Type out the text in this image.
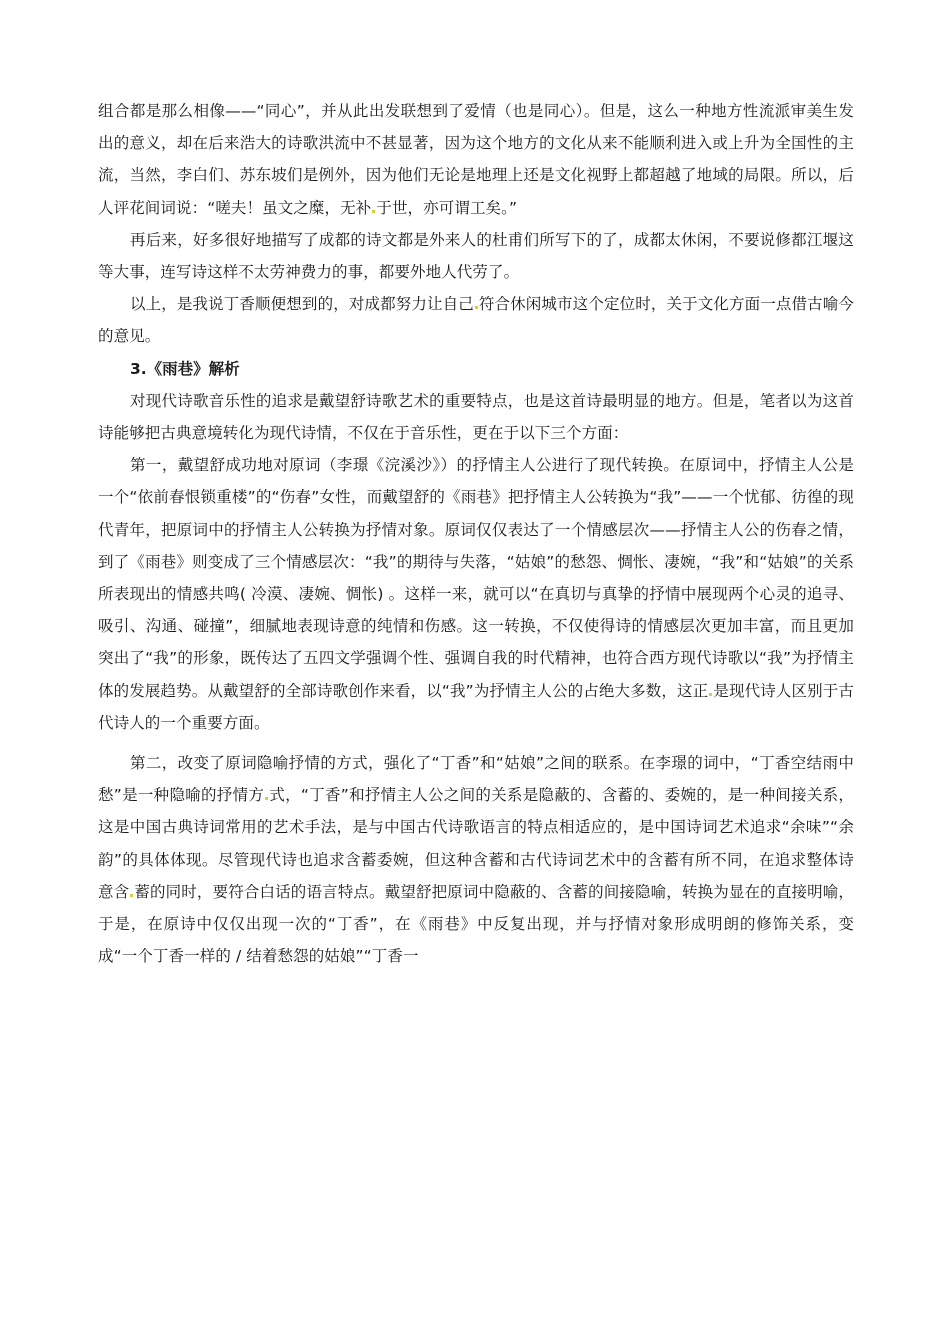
组合都是那么相像——“同心”，并从此出发联想到了爱情（也是同心）。但是，这么一种地方性流派审美生发出的意义，却在后来浩大的诗歌洪流中不甚显著，因为这个地方的文化从来不能顺利进入或上升为全国性的主流，当然，李白们、苏东坡们是例外，因为他们无论是地理上还是文化视野上都超越了地域的局限。所以，后人评花间词说：“嗟夫！虽文之糜，无补 于世，亦可谓工矣。”

再后来，好多很好地描写了成都的诗文都是外来人的杜甫们所写下的了，成都太休闲，不要说修都江堰这等大事，连写诗这样不太劳神费力的事，都要外地人代劳了。

以上，是我说丁香顺便想到的，对成都努力让自己 符合休闲城市这个定位时，关于文化方面一点借古喻今的意见。

3.《雨巷》解析

对现代诗歌音乐性的追求是戴望舒诗歌艺术的重要特点，也是这首诗最明显的地方。但是，笔者以为这首诗能够把古典意境转化为现代诗情，不仅在于音乐性，更在于以下三个方面：

第一，戴望舒成功地对原词（李璟《浣溪沙》）的抒情主人公进行了现代转换。在原词中，抒情主人公是一个“依前春恨锁重楼”的“伤春”女性，而戴望舒的《雨巷》把抒情主人公转换为“我”——一个忧郁、彷徨的现代青年，把原词中的抒情主人公转换为抒情对象。原词仅仅表达了一个情感层次——抒情主人公的伤春之情，到了《雨巷》则变成了三个情感层次：“我”的期待与失落，“姑娘”的愁怨、惆怅、凄婉，“我”和“姑娘”的关系所表现出的情感共鸣( 冷漠、凄婉、惆怅) 。这样一来，就可以“在真切与真挚的抒情中展现两个心灵的追寻、吸引、沟通、碰撞”，细腻地表现诗意的纯情和伤感。这一转换，不仅使得诗的情感层次更加丰富，而且更加突出了“我”的形象，既传达了五四文学强调个性、强调自我的时代精神，也符合西方现代诗歌以“我”为抒情主体的发展趋势。从戴望舒的全部诗歌创作来看，以“我”为抒情主人公的占绝大多数，这正 是现代诗人区别于古代诗人的一个重要方面。

第二，改变了原词隐喻抒情的方式，强化了“丁香”和“姑娘”之间的联系。在李璟的词中，“丁香空结雨中愁”是一种隐喻的抒情方 式，“丁香”和抒情主人公之间的关系是隐蔽的、含蓄的、委婉的，是一种间接关系，这是中国古典诗词常用的艺术手法，是与中国古代诗歌语言的特点相适应的，是中国诗词艺术追求“余味”“余韵”的具体体现。尽管现代诗也追求含蓄委婉，但这种含蓄和古代诗词艺术中的含蓄有所不同，在追求整体诗意含 蓄的同时，要符合白话的语言特点。戴望舒把原词中隐蔽的、含蓄的间接隐喻，转换为显在的直接明喻，于是，在原诗中仅仅出现一次的“丁香”，在《雨巷》中反复出现，并与抒情对象形成明朗的修饰关系，变成“一个丁香一样的 / 结着愁怨的姑娘”“丁香一
